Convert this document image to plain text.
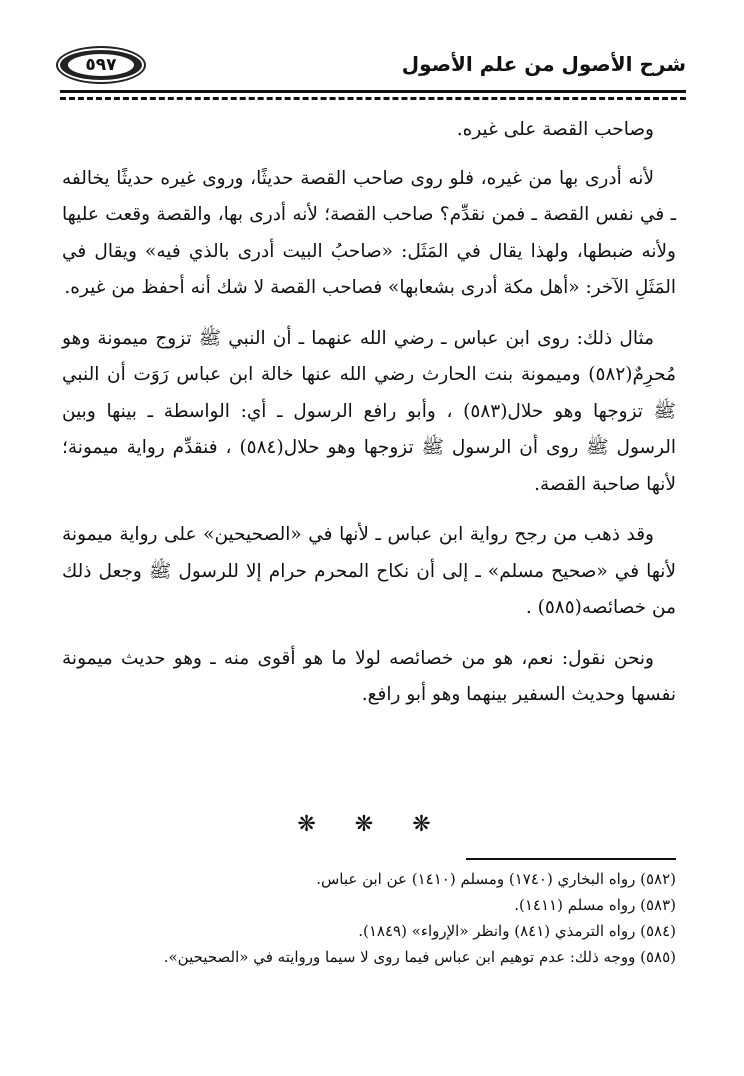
شرح الأصول من علم الأصول
٥٩٧

وصاحب القصة على غيره.

لأنه أدرى بها من غيره، فلو روى صاحب القصة حديثًا، وروى غيره حديثًا يخالفه ـ في نفس القصة ـ فمن نقدِّم؟ صاحب القصة؛ لأنه أدرى بها، والقصة وقعت عليها ولأنه ضبطها، ولهذا يقال في المَثَل: «صاحبُ البيت أدرى بالذي فيه» ويقال في المَثَلِ الآخر: «أهل مكة أدرى بشعابها» فصاحب القصة لا شك أنه أحفظ من غيره.

مثال ذلك: روى ابن عباس ـ رضي الله عنهما ـ أن النبي ﷺ تزوج ميمونة وهو مُحرِمٌ(٥٨٢) وميمونة بنت الحارث رضي الله عنها خالة ابن عباس رَوَت أن النبي ﷺ تزوجها وهو حلال(٥٨٣) ، وأبو رافع الرسول ـ أي: الواسطة ـ بينها وبين الرسول ﷺ روى أن الرسول ﷺ تزوجها وهو حلال(٥٨٤) ، فنقدِّم رواية ميمونة؛ لأنها صاحبة القصة.

وقد ذهب من رجح رواية ابن عباس ـ لأنها في «الصحيحين» على رواية ميمونة لأنها في «صحيح مسلم» ـ إلى أن نكاح المحرم حرام إلا للرسول ﷺ وجعل ذلك من خصائصه(٥٨٥) .

ونحن نقول: نعم، هو من خصائصه لولا ما هو أقوى منه ـ وهو حديث ميمونة نفسها وحديث السفير بينهما وهو أبو رافع.

❋ ❋ ❋

(٥٨٢) رواه البخاري (١٧٤٠) ومسلم (١٤١٠) عن ابن عباس.

(٥٨٣) رواه مسلم (١٤١١).

(٥٨٤) رواه الترمذي (٨٤١) وانظر «الإرواء» (١٨٤٩).

(٥٨٥) ووجه ذلك: عدم توهيم ابن عباس فيما روى لا سيما وروايته في «الصحيحين».
